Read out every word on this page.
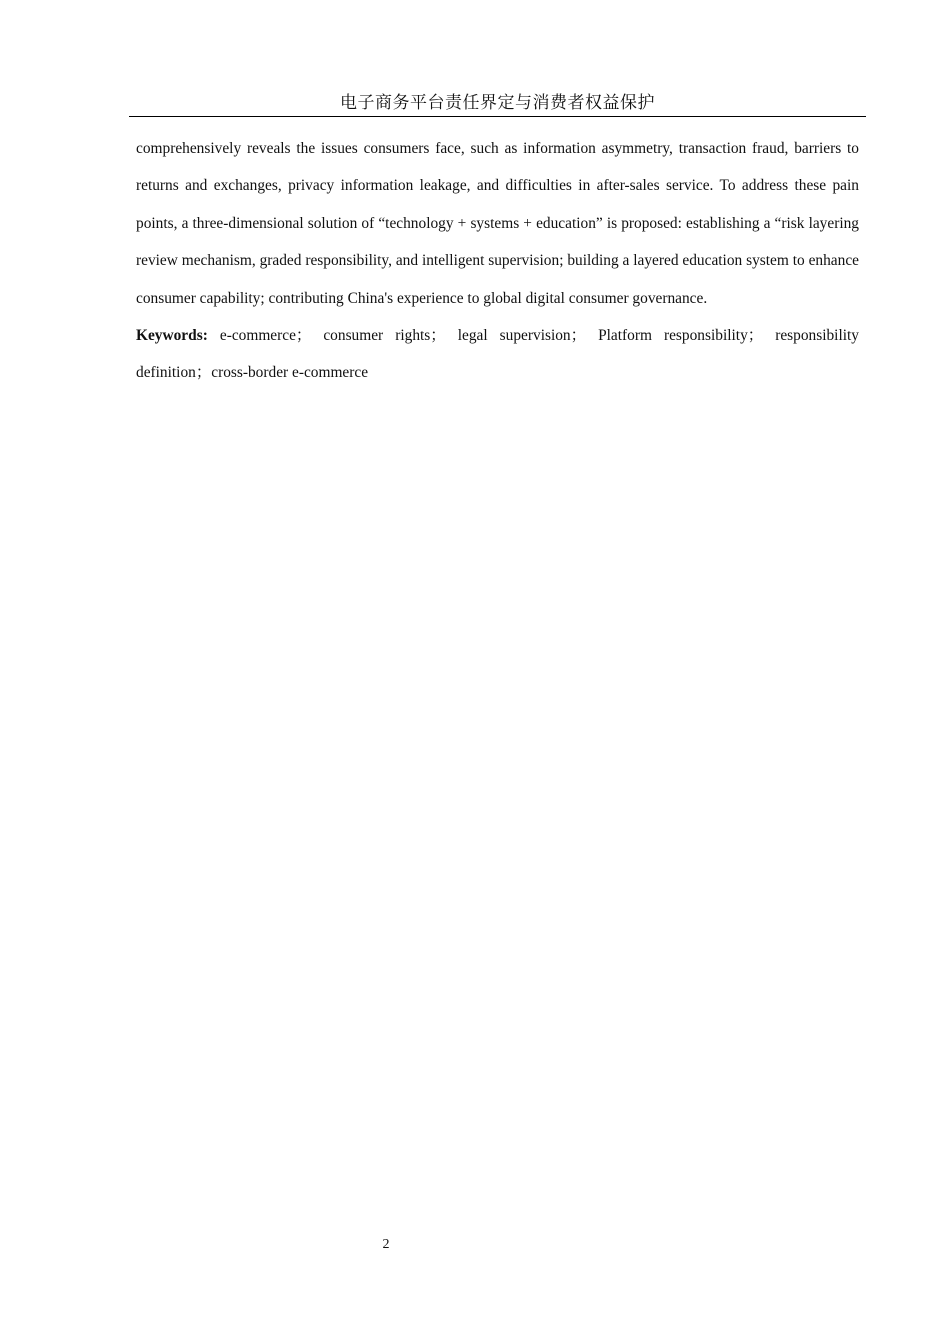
电子商务平台责任界定与消费者权益保护

comprehensively reveals the issues consumers face, such as information asymmetry, transaction fraud, barriers to returns and exchanges, privacy information leakage, and difficulties in after-sales service. To address these pain points, a three-dimensional solution of “technology + systems + education” is proposed: establishing a “risk layering review mechanism, graded responsibility, and intelligent supervision; building a layered education system to enhance consumer capability; contributing China's experience to global digital consumer governance.

Keywords: e-commerce； consumer rights； legal supervision； Platform responsibility； responsibility definition；cross-border e-commerce

2
